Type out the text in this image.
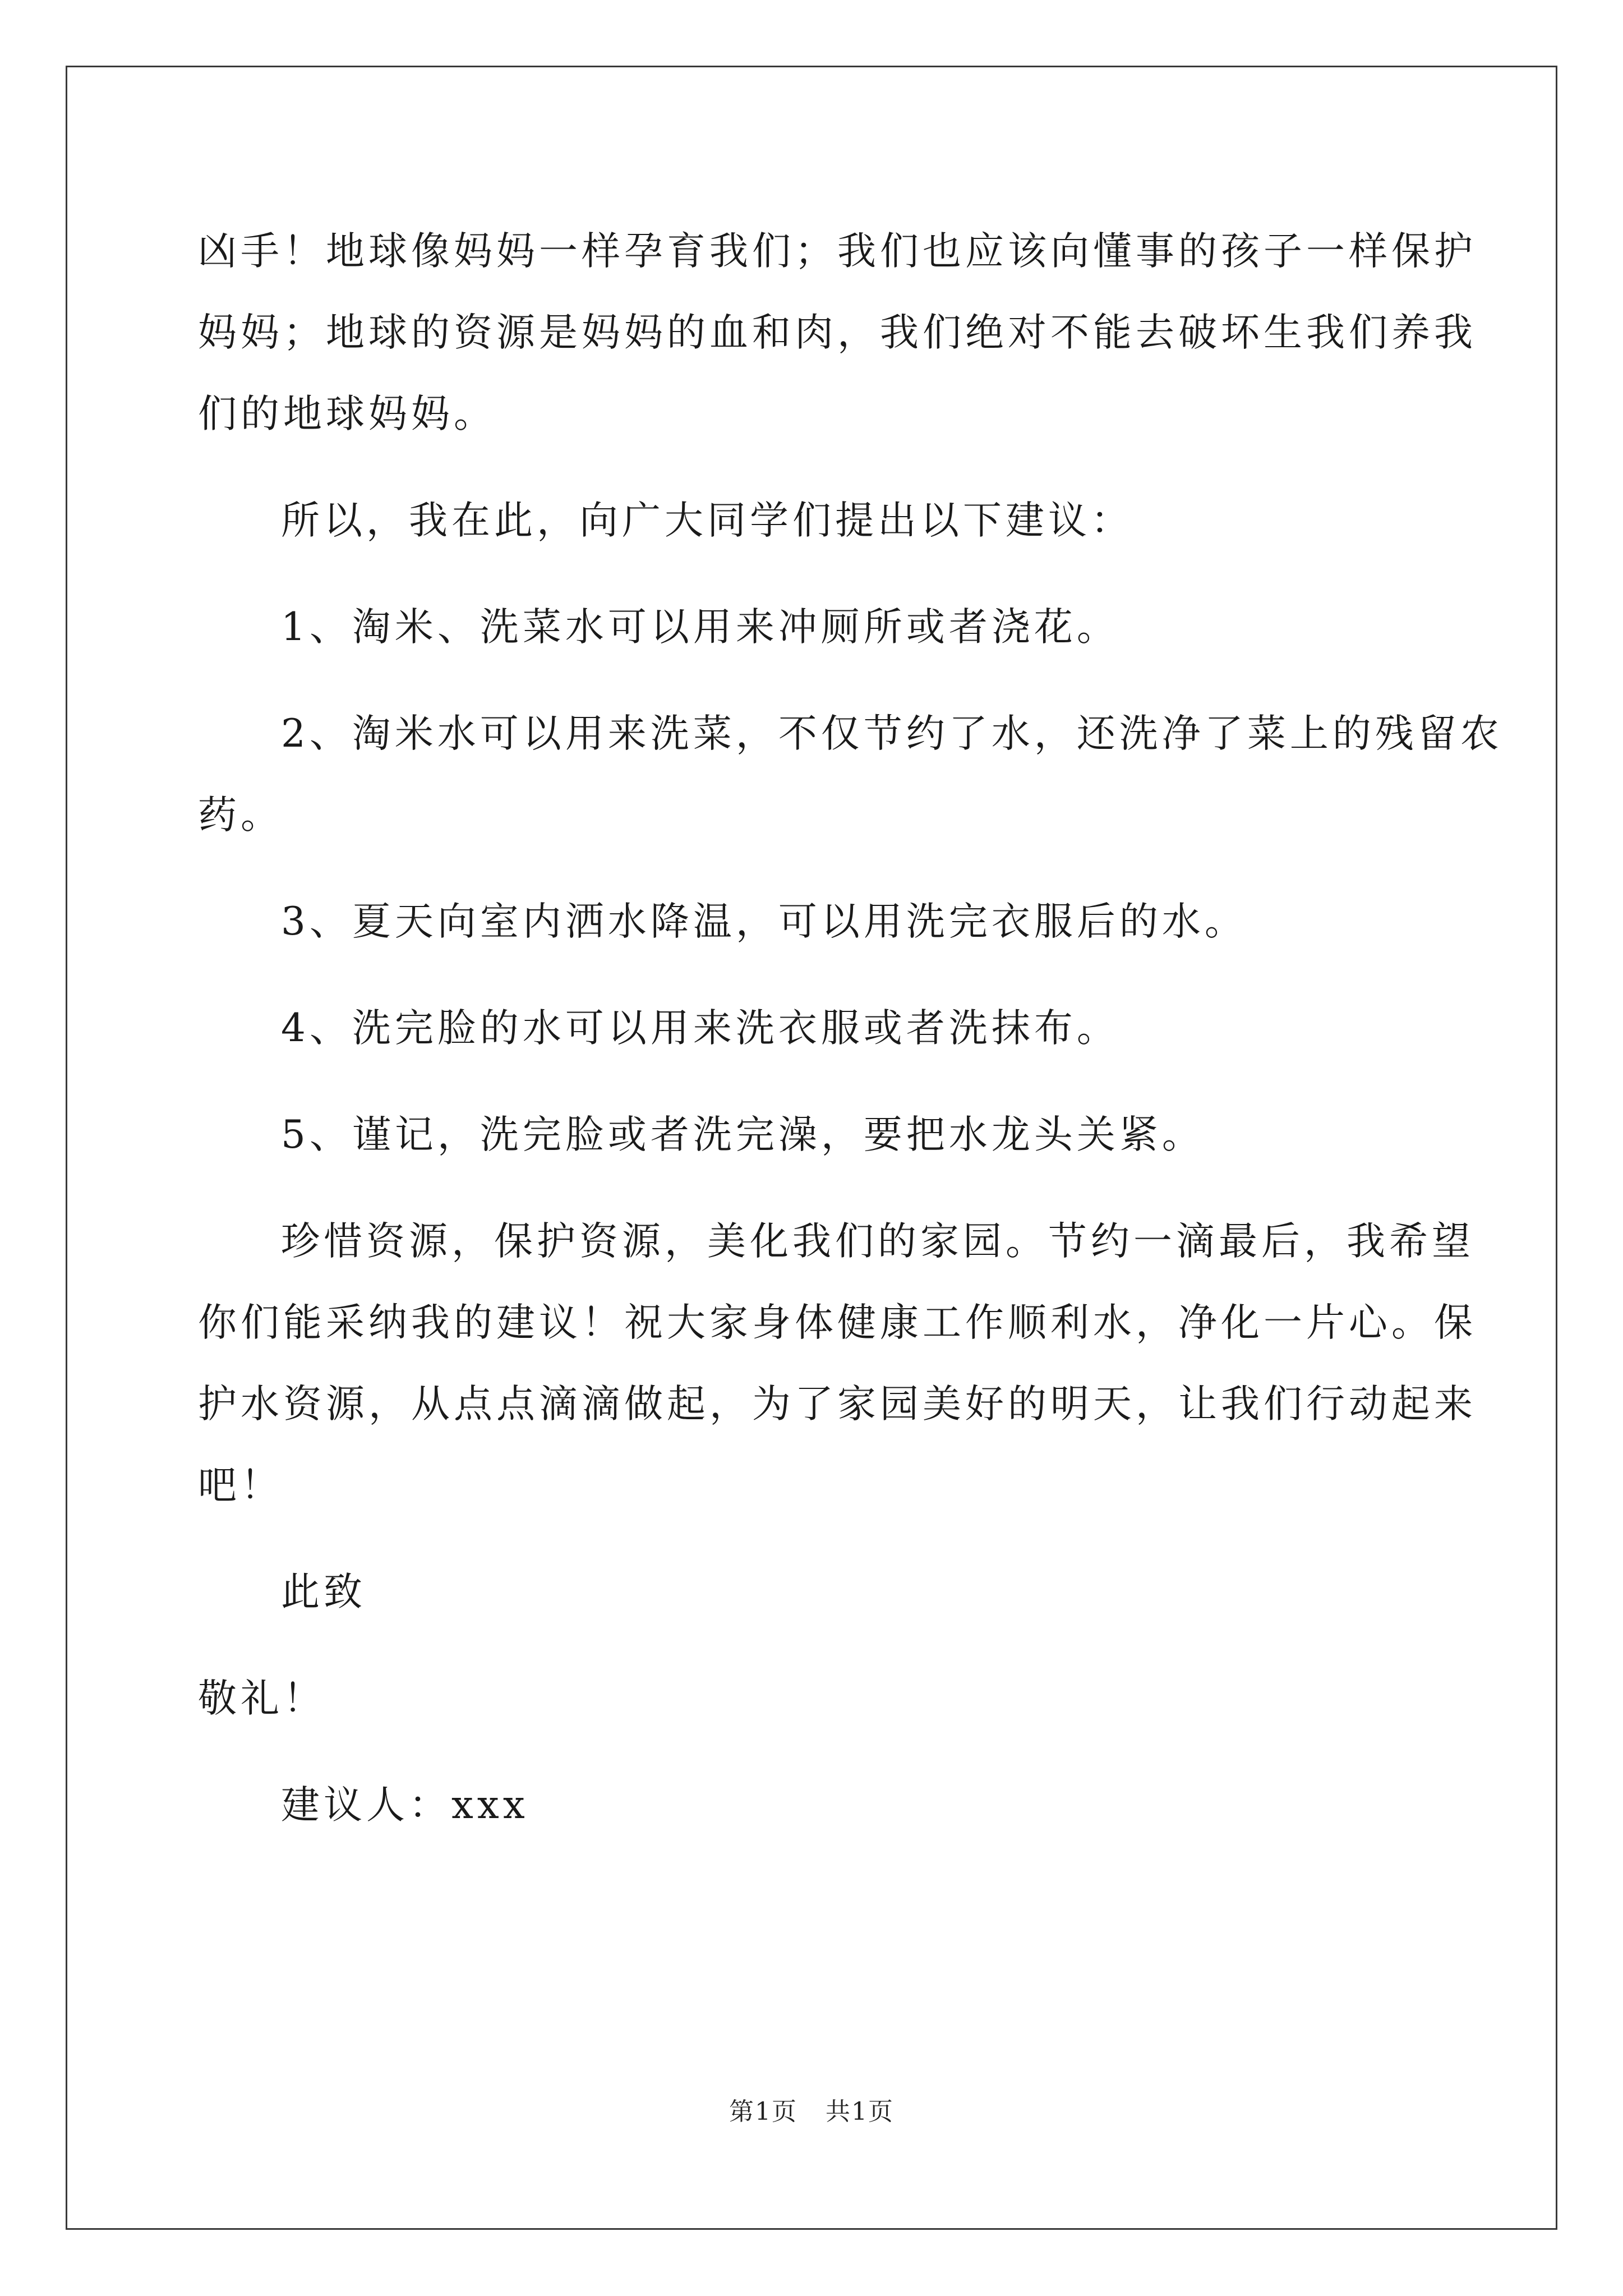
凶手！地球像妈妈一样孕育我们；我们也应该向懂事的孩子一样保护
妈妈；地球的资源是妈妈的血和肉，我们绝对不能去破坏生我们养我
们的地球妈妈。

所以，我在此，向广大同学们提出以下建议：

1、淘米、洗菜水可以用来冲厕所或者浇花。

2、淘米水可以用来洗菜，不仅节约了水，还洗净了菜上的残留农

药。

3、夏天向室内洒水降温，可以用洗完衣服后的水。

4、洗完脸的水可以用来洗衣服或者洗抹布。

5、谨记，洗完脸或者洗完澡，要把水龙头关紧。

珍惜资源，保护资源，美化我们的家园。节约一滴最后，我希望

你们能采纳我的建议！祝大家身体健康工作顺利水，净化一片心。保
护水资源，从点点滴滴做起，为了家园美好的明天，让我们行动起来
吧！

此致

敬礼！

建议人：xxx

第1页 共1页
